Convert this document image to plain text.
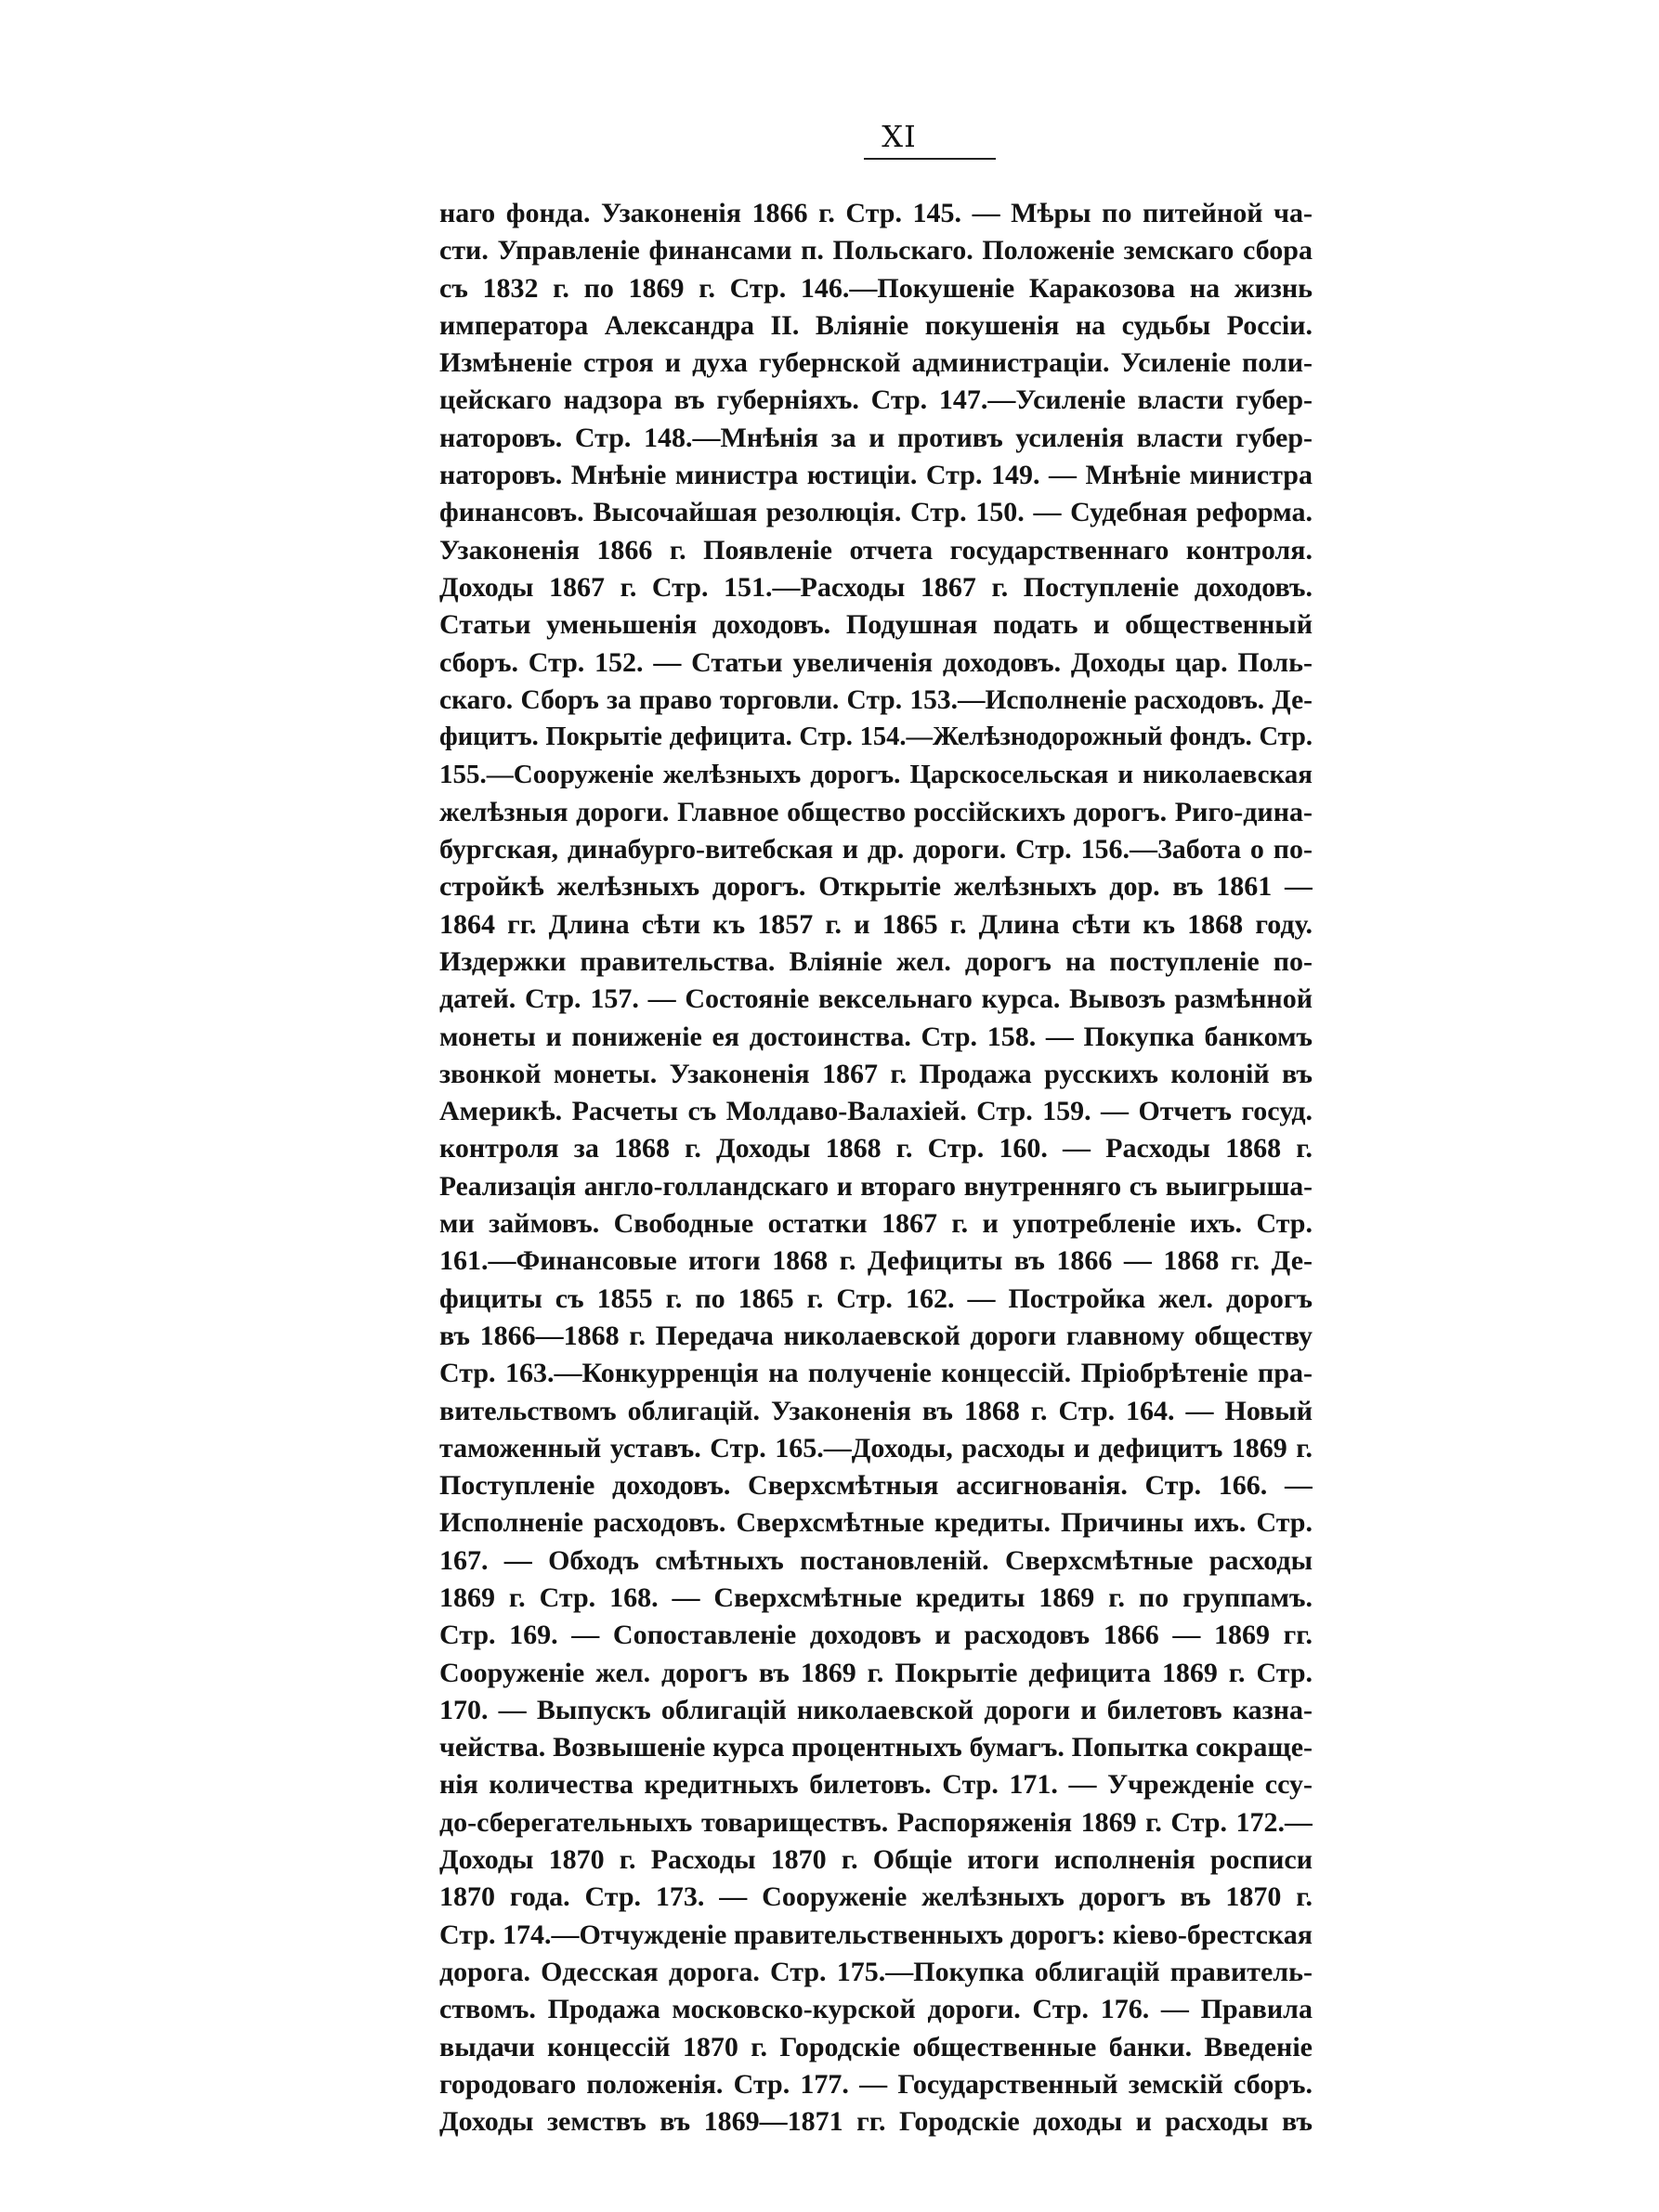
XI
наго фонда. Узаконенія 1866 г. Стр. 145. — Мѣры по питейной ча-
сти. Управленіе финансами п. Польскаго. Положеніе земскаго сбора
съ 1832 г. по 1869 г. Стр. 146.—Покушеніе Каракозова на жизнь
императора Александра II. Вліяніе покушенія на судьбы Россіи.
Измѣненіе строя и духа губернской администраціи. Усиленіе поли-
цейскаго надзора въ губерніяхъ. Стр. 147.—Усиленіе власти губер-
наторовъ. Стр. 148.—Мнѣнія за и противъ усиленія власти губер-
наторовъ. Мнѣніе министра юстиціи. Стр. 149. — Мнѣніе министра
финансовъ. Высочайшая резолюція. Стр. 150. — Судебная реформа.
Узаконенія 1866 г. Появленіе отчета государственнаго контроля.
Доходы 1867 г. Стр. 151.—Расходы 1867 г. Поступленіе доходовъ.
Статьи уменьшенія доходовъ. Подушная подать и общественный
сборъ. Стр. 152. — Статьи увеличенія доходовъ. Доходы цар. Поль-
скаго. Сборъ за право торговли. Стр. 153.—Исполненіе расходовъ. Де-
фицитъ. Покрытіе дефицита. Стр. 154.—Желѣзнодорожный фондъ. Стр.
155.—Сооруженіе желѣзныхъ дорогъ. Царскосельская и николаевская
желѣзныя дороги. Главное общество россійскихъ дорогъ. Риго-дина-
бургская, динабурго-витебская и др. дороги. Стр. 156.—Забота о по-
стройкѣ желѣзныхъ дорогъ. Открытіе желѣзныхъ дор. въ 1861 —
1864 гг. Длина сѣти къ 1857 г. и 1865 г. Длина сѣти къ 1868 году.
Издержки правительства. Вліяніе жел. дорогъ на поступленіе по-
датей. Стр. 157. — Состояніе вексельнаго курса. Вывозъ размѣнной
монеты и пониженіе ея достоинства. Стр. 158. — Покупка банкомъ
звонкой монеты. Узаконенія 1867 г. Продажа русскихъ колоній въ
Америкѣ. Расчеты съ Молдаво-Валахіей. Стр. 159. — Отчетъ госуд.
контроля за 1868 г. Доходы 1868 г. Стр. 160. — Расходы 1868 г.
Реализація англо-голландскаго и втораго внутренняго съ выигрыша-
ми займовъ. Свободные остатки 1867 г. и употребленіе ихъ. Стр.
161.—Финансовые итоги 1868 г. Дефициты въ 1866 — 1868 гг. Де-
фициты съ 1855 г. по 1865 г. Стр. 162. — Постройка жел. дорогъ
въ 1866—1868 г. Передача николаевской дороги главному обществу
Стр. 163.—Конкурренція на полученіе концессій. Пріобрѣтеніе пра-
вительствомъ облигацій. Узаконенія въ 1868 г. Стр. 164. — Новый
таможенный уставъ. Стр. 165.—Доходы, расходы и дефицитъ 1869 г.
Поступленіе доходовъ. Сверхсмѣтныя ассигнованія. Стр. 166. —
Исполненіе расходовъ. Сверхсмѣтные кредиты. Причины ихъ. Стр.
167. — Обходъ смѣтныхъ постановленій. Сверхсмѣтные расходы
1869 г. Стр. 168. — Сверхсмѣтные кредиты 1869 г. по группамъ.
Стр. 169. — Сопоставленіе доходовъ и расходовъ 1866 — 1869 гг.
Сооруженіе жел. дорогъ въ 1869 г. Покрытіе дефицита 1869 г. Стр.
170. — Выпускъ облигацій николаевской дороги и билетовъ казна-
чейства. Возвышеніе курса процентныхъ бумагъ. Попытка сокраще-
нія количества кредитныхъ билетовъ. Стр. 171. — Учрежденіе ссу-
до-сберегательныхъ товариществъ. Распоряженія 1869 г. Стр. 172.—
Доходы 1870 г. Расходы 1870 г. Общіе итоги исполненія росписи
1870 года. Стр. 173. — Сооруженіе желѣзныхъ дорогъ въ 1870 г.
Стр. 174.—Отчужденіе правительственныхъ дорогъ: кіево-брестская
дорога. Одесская дорога. Стр. 175.—Покупка облигацій правитель-
ствомъ. Продажа московско-курской дороги. Стр. 176. — Правила
выдачи концессій 1870 г. Городскіе общественные банки. Введеніе
городоваго положенія. Стр. 177. — Государственный земскій сборъ.
Доходы земствъ въ 1869—1871 гг. Городскіе доходы и расходы въ
